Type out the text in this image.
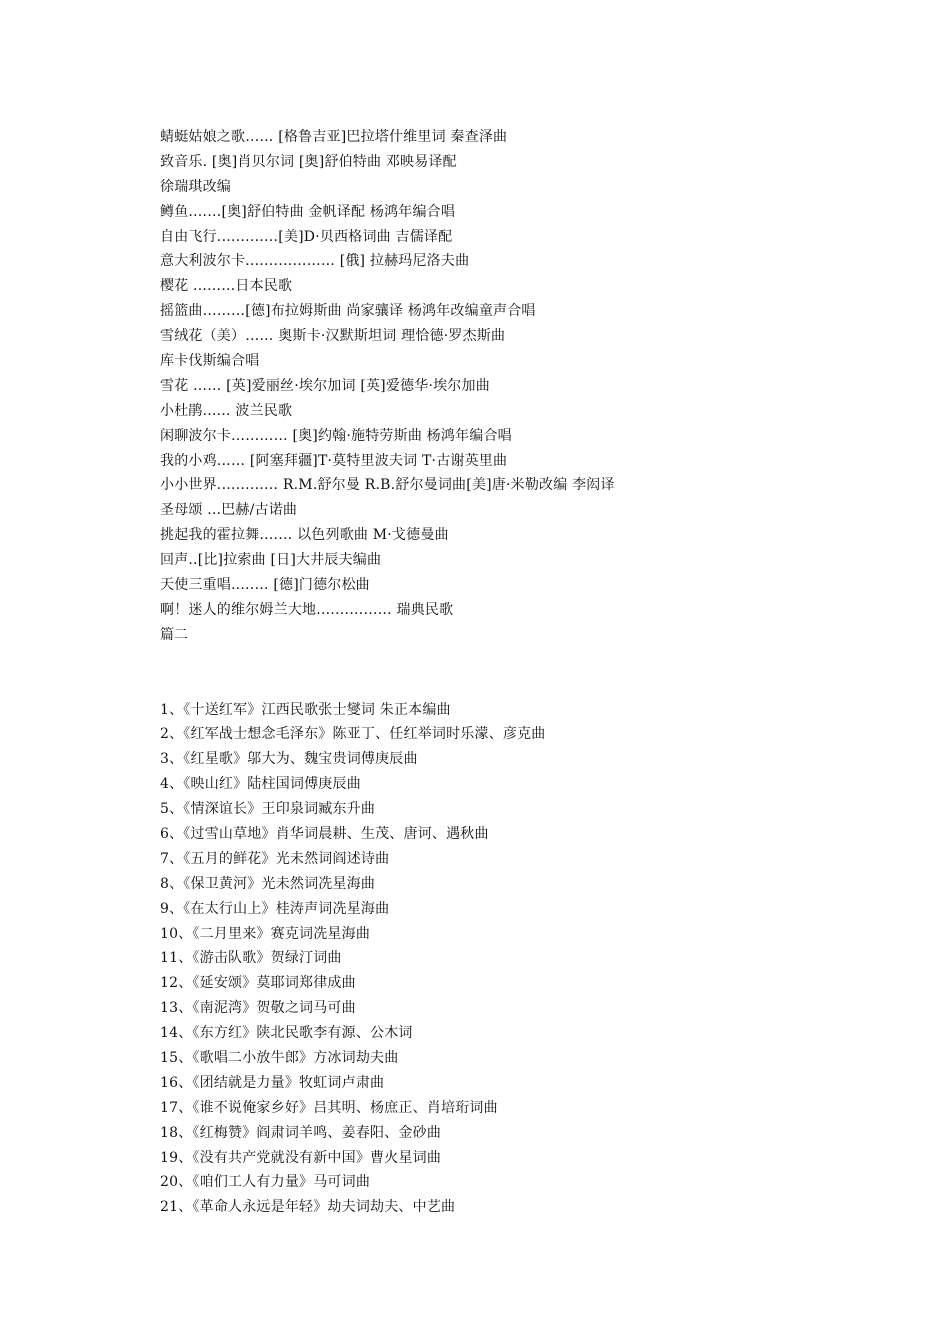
蜻蜓姑娘之歌…… [格鲁吉亚]巴拉塔什维里词 秦查泽曲
致音乐. [奥]肖贝尔词 [奥]舒伯特曲 邓映易译配
徐瑞琪改编
鳟鱼.……[奥]舒伯特曲 金帆译配 杨鸿年编合唱
自由飞行.…………[美]D·贝西格词曲 吉儒译配
意大利波尔卡.……………… [俄] 拉赫玛尼洛夫曲
樱花 ...……日本民歌
摇篮曲………[德]布拉姆斯曲 尚家骧译 杨鸿年改编童声合唱
雪绒花（美）…… 奥斯卡·汉默斯坦词 理恰德·罗杰斯曲
库卡伐斯编合唱
雪花 …… [英]爱丽丝·埃尔加词 [英]爱德华·埃尔加曲
小杜鹃...… 波兰民歌
闲聊波尔卡………… [奥]约翰·施特劳斯曲 杨鸿年编合唱
我的小鸡…… [阿塞拜疆]T·莫特里波夫词 T·古谢英里曲
小小世界.………… R.M.舒尔曼 R.B.舒尔曼词曲[美]唐·米勒改编 李闳译
圣母颂 ...巴赫/古诺曲
挑起我的霍拉舞.…… 以色列歌曲 M·戈德曼曲
回声..[比]拉索曲 [日]大井辰夫编曲
天使三重唱..…… [德]门德尔松曲
啊！迷人的维尔姆兰大地.…………… 瑞典民歌
篇二
1、《十送红军》江西民歌张士燮词 朱正本编曲
2、《红军战士想念毛泽东》陈亚丁、任红举词时乐濛、彦克曲
3、《红星歌》邬大为、魏宝贵词傅庚辰曲
4、《映山红》陆柱国词傅庚辰曲
5、《情深谊长》王印泉词臧东升曲
6、《过雪山草地》肖华词晨耕、生茂、唐诃、遇秋曲
7、《五月的鲜花》光未然词阎述诗曲
8、《保卫黄河》光未然词冼星海曲
9、《在太行山上》桂涛声词冼星海曲
10、《二月里来》赛克词冼星海曲
11、《游击队歌》贺绿汀词曲
12、《延安颂》莫耶词郑律成曲
13、《南泥湾》贺敬之词马可曲
14、《东方红》陕北民歌李有源、公木词
15、《歌唱二小放牛郎》方冰词劫夫曲
16、《团结就是力量》牧虹词卢肃曲
17、《谁不说俺家乡好》吕其明、杨庶正、肖培珩词曲
18、《红梅赞》阎肃词羊鸣、姜春阳、金砂曲
19、《没有共产党就没有新中国》曹火星词曲
20、《咱们工人有力量》马可词曲
21、《革命人永远是年轻》劫夫词劫夫、中艺曲
